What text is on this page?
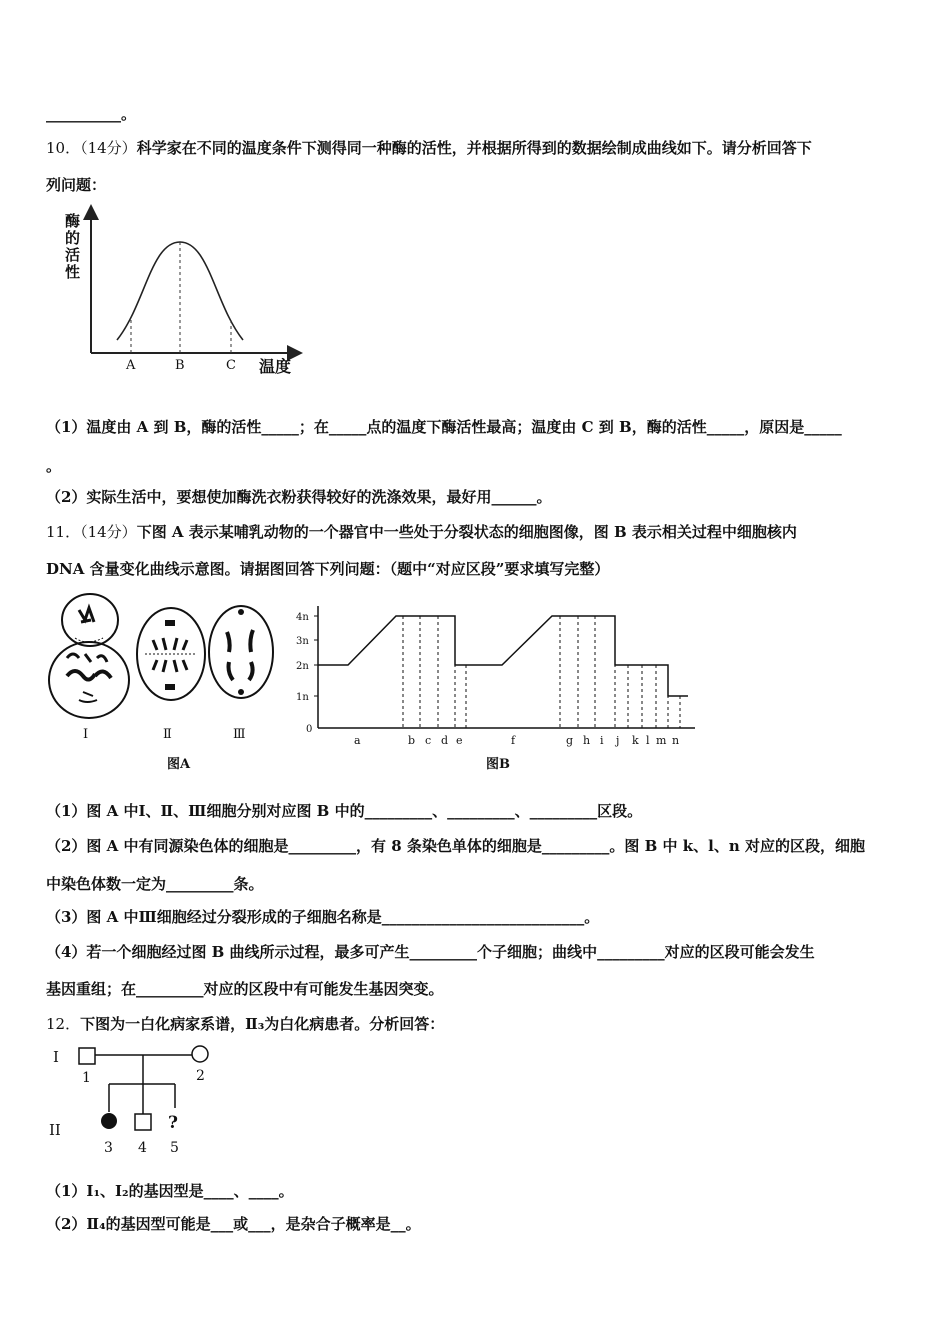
__________。
10．（14分）科学家在不同的温度条件下测得同一种酶的活性，并根据所得到的数据绘制成曲线如下。请分析回答下
列问题：
酶
的
活
性
A	B	C 温度
（1）温度由 A 到 B，酶的活性_____；在_____点的温度下酶活性最高；温度由 C 到 B，酶的活性_____，原因是_____
。
（2）实际生活中，要想使加酶洗衣粉获得较好的洗涤效果，最好用______。
11．（14分）下图 A 表示某哺乳动物的一个器官中一些处于分裂状态的细胞图像，图 B 表示相关过程中细胞核内
DNA 含量变化曲线示意图。请据图回答下列问题：（题中“对应区段”要求填写完整）
Ⅰ	Ⅱ	Ⅲ
图A
4n
3n
2n
1n
0
a	b c d e	f	g h i j k l m n
图B
（1）图 A 中Ⅰ、Ⅱ、Ⅲ细胞分别对应图 B 中的_________、_________、_________区段。
（2）图 A 中有同源染色体的细胞是_________，有 8 条染色单体的细胞是_________。图 B 中 k、l、n 对应的区段，细胞
中染色体数一定为_________条。
（3）图 A 中Ⅲ细胞经过分裂形成的子细胞名称是___________________________。
（4）若一个细胞经过图 B 曲线所示过程，最多可产生_________个子细胞；曲线中_________对应的区段可能会发生
基因重组；在_________对应的区段中有可能发生基因突变。
12．下图为一白化病家系谱，Ⅱ₃为白化病患者。分析回答：
I
II	?
1	2
3 4 5
（1）Ⅰ₁、Ⅰ₂的基因型是____、____。
（2）Ⅱ₄的基因型可能是___或___，是杂合子概率是__。
